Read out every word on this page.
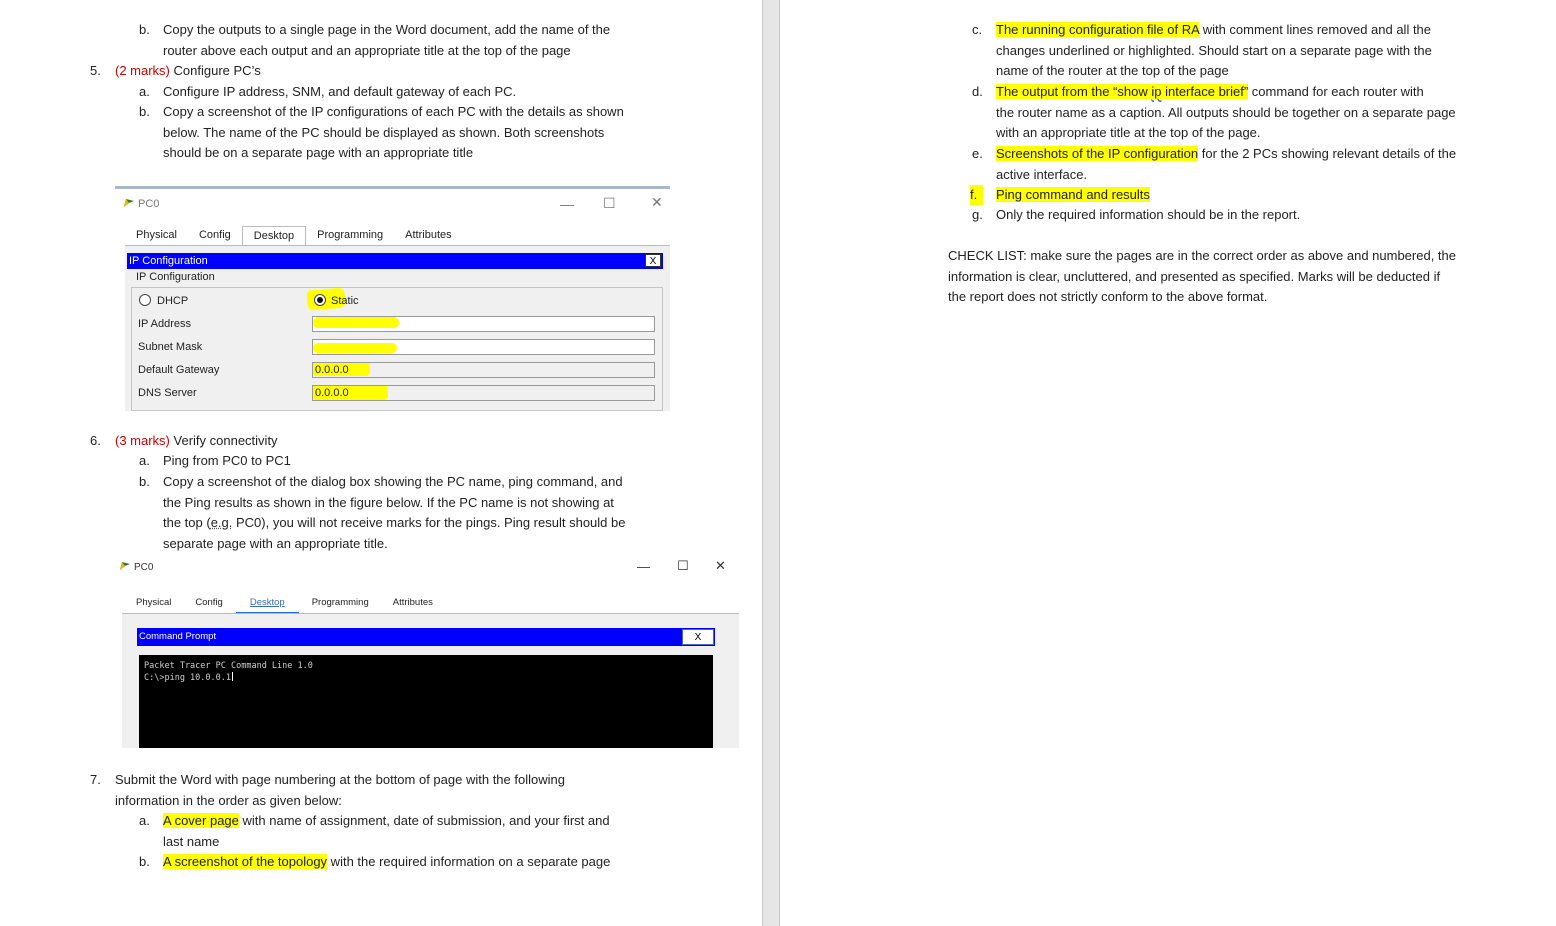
b. Copy the outputs to a single page in the Word document, add the name of the
router above each output and an appropriate title at the top of the page
5. (2 marks) Configure PC’s
a. Configure IP address, SNM, and default gateway of each PC.
b. Copy a screenshot of the IP configurations of each PC with the details as shown
below. The name of the PC should be displayed as shown. Both screenshots
should be on a separate page with an appropriate title
PC0	— ☐	✕
Physical	Config	Desktop	Programming	Attributes
IP Configuration	X
IP Configuration
DHCP	Static
IP Address
Subnet Mask
Default Gateway	0.0.0.0
DNS Server	0.0.0.0
6. (3 marks) Verify connectivity
a. Ping from PC0 to PC1
b. Copy a screenshot of the dialog box showing the PC name, ping command, and
the Ping results as shown in the figure below. If the PC name is not showing at
the top (e.g. PC0), you will not receive marks for the pings. Ping result should be
separate page with an appropriate title.
PC0	— ☐ ✕
Physical	Config	Desktop	Programming	Attributes
Command Prompt	X
Packet Tracer PC Command Line 1.0
C:\>ping 10.0.0.1
7. Submit the Word with page numbering at the bottom of page with the following
information in the order as given below:
a. A cover page with name of assignment, date of submission, and your first and
last name
b. A screenshot of the topology with the required information on a separate page
c. The running configuration file of RA with comment lines removed and all the
changes underlined or highlighted. Should start on a separate page with the
name of the router at the top of the page
d. The output from the “show ip interface brief” command for each router with
the router name as a caption. All outputs should be together on a separate page
with an appropriate title at the top of the page.
e. Screenshots of the IP configuration for the 2 PCs showing relevant details of the
active interface.
f.	Ping command and results
g. Only the required information should be in the report.
CHECK LIST: make sure the pages are in the correct order as above and numbered, the
information is clear, uncluttered, and presented as specified. Marks will be deducted if
the report does not strictly conform to the above format.
